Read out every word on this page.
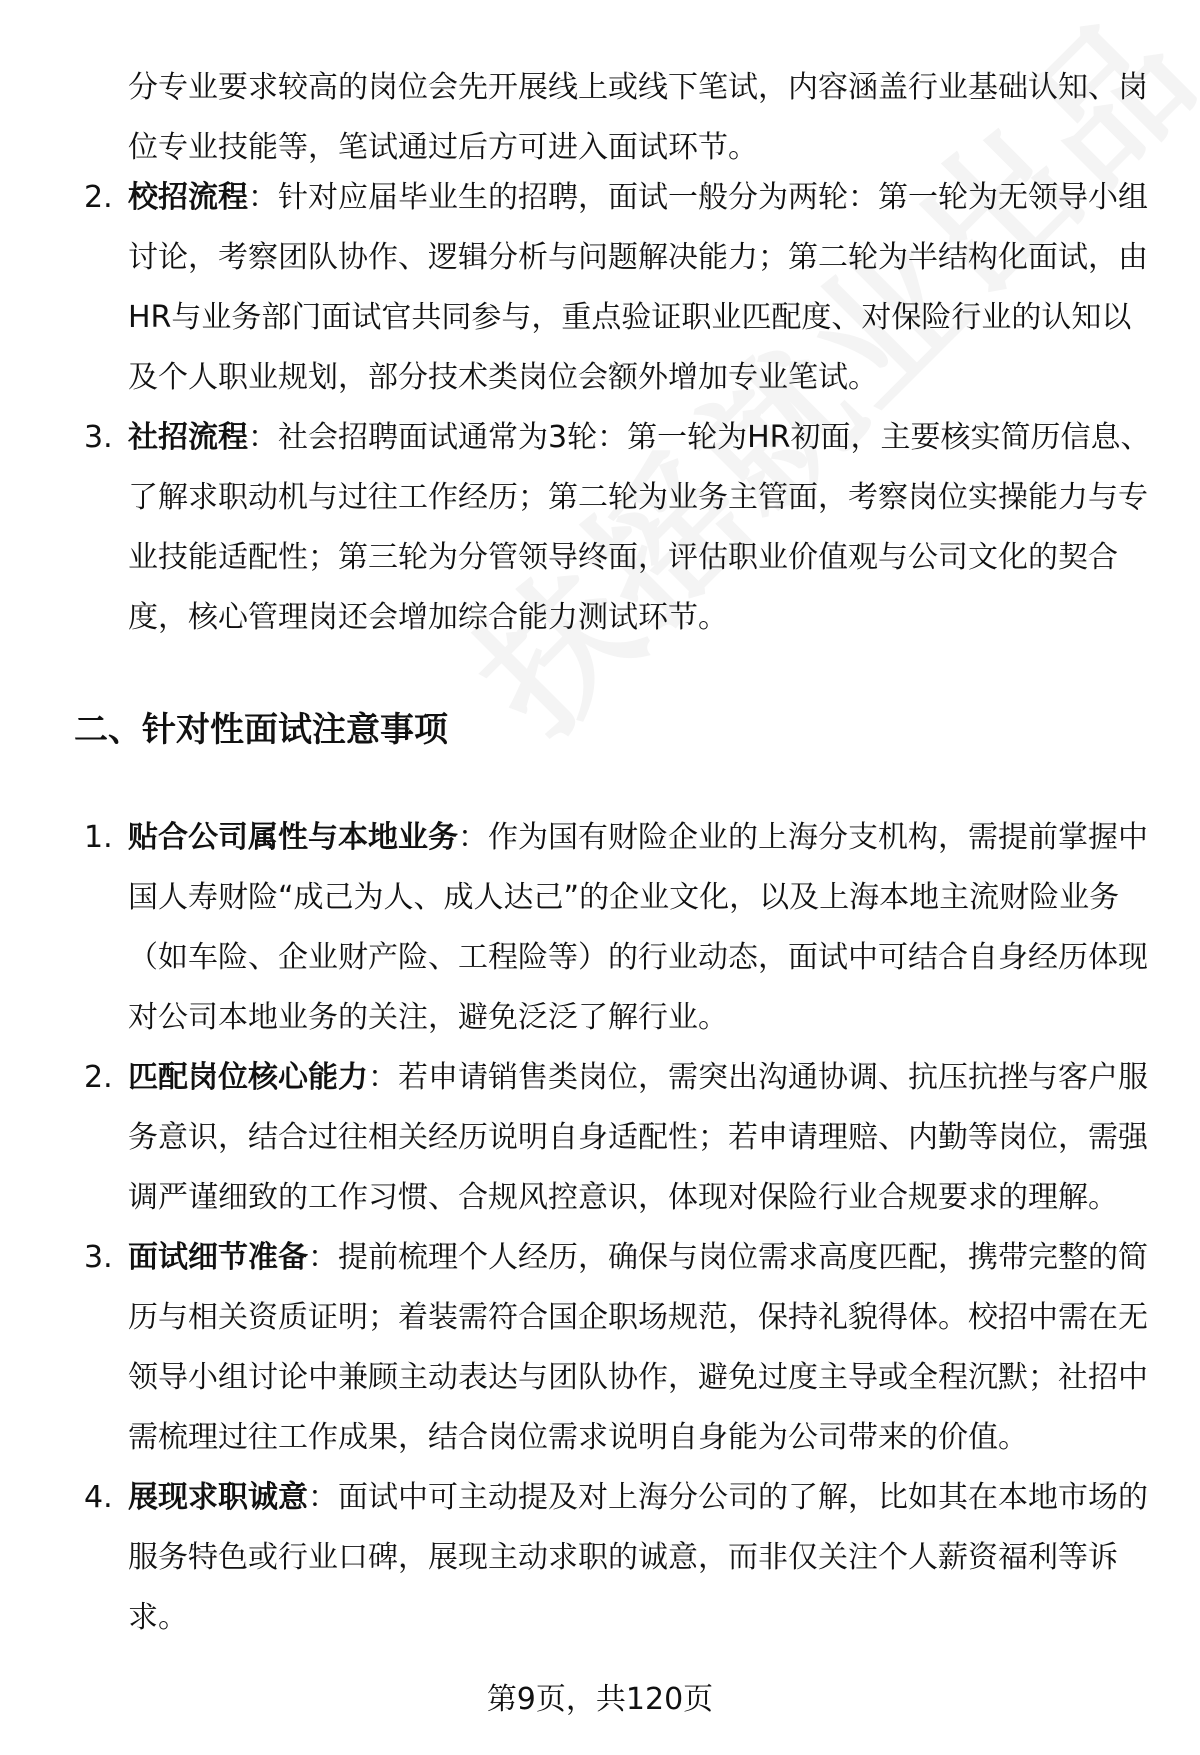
分专业要求较高的岗位会先开展线上或线下笔试，内容涵盖行业基础认知、岗位专业技能等，笔试通过后方可进入面试环节。

2. 校招流程：针对应届毕业生的招聘，面试一般分为两轮：第一轮为无领导小组讨论，考察团队协作、逻辑分析与问题解决能力；第二轮为半结构化面试，由HR与业务部门面试官共同参与，重点验证职业匹配度、对保险行业的认知以及个人职业规划，部分技术类岗位会额外增加专业笔试。
3. 社招流程：社会招聘面试通常为3轮：第一轮为HR初面，主要核实简历信息、了解求职动机与过往工作经历；第二轮为业务主管面，考察岗位实操能力与专业技能适配性；第三轮为分管领导终面，评估职业价值观与公司文化的契合度，核心管理岗还会增加综合能力测试环节。
二、针对性面试注意事项
1. 贴合公司属性与本地业务：作为国有财险企业的上海分支机构，需提前掌握中国人寿财险“成己为人、成人达己”的企业文化，以及上海本地主流财险业务（如车险、企业财产险、工程险等）的行业动态，面试中可结合自身经历体现对公司本地业务的关注，避免泛泛了解行业。
2. 匹配岗位核心能力：若申请销售类岗位，需突出沟通协调、抗压抗挫与客户服务意识，结合过往相关经历说明自身适配性；若申请理赔、内勤等岗位，需强调严谨细致的工作习惯、合规风控意识，体现对保险行业合规要求的理解。
3. 面试细节准备：提前梳理个人经历，确保与岗位需求高度匹配，携带完整的简历与相关资质证明；着装需符合国企职场规范，保持礼貌得体。校招中需在无领导小组讨论中兼顾主动表达与团队协作，避免过度主导或全程沉默；社招中需梳理过往工作成果，结合岗位需求说明自身能为公司带来的价值。
4. 展现求职诚意：面试中可主动提及对上海分公司的了解，比如其在本地市场的服务特色或行业口碑，展现主动求职的诚意，而非仅关注个人薪资福利等诉求。
第9页，共120页
